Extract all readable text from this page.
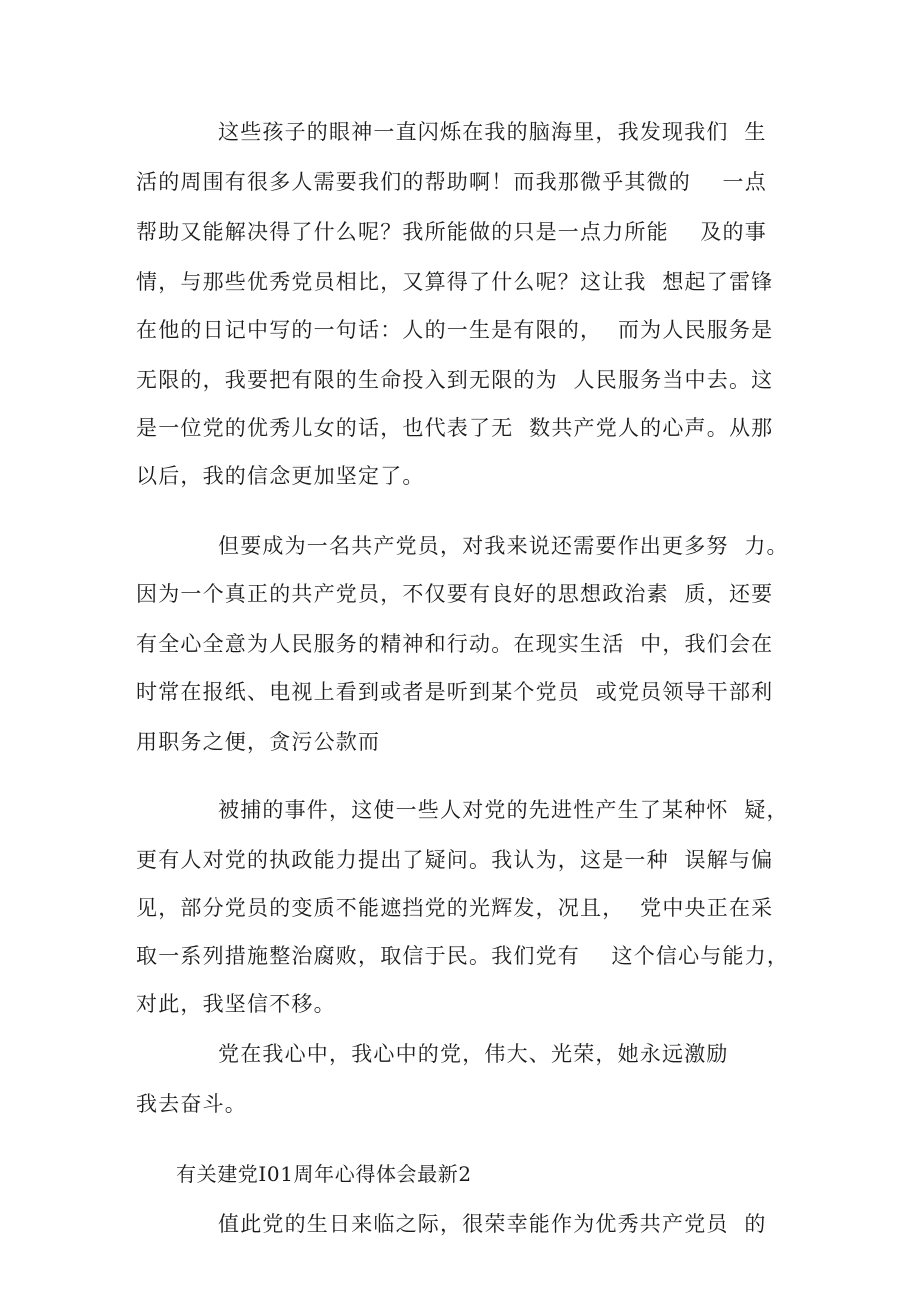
这些孩子的眼神一直闪烁在我的脑海里，我发现我们  生
活的周围有很多人需要我们的帮助啊！而我那微乎其微的    一点
帮助又能解决得了什么呢？我所能做的只是一点力所能    及的事
情，与那些优秀党员相比，又算得了什么呢？这让我  想起了雷锋
在他的日记中写的一句话：人的一生是有限的，  而为人民服务是
无限的，我要把有限的生命投入到无限的为  人民服务当中去。这
是一位党的优秀儿女的话，也代表了无  数共产党人的心声。从那
以后，我的信念更加坚定了。
但要成为一名共产党员，对我来说还需要作出更多努  力。
因为一个真正的共产党员，不仅要有良好的思想政治素  质，还要
有全心全意为人民服务的精神和行动。在现实生活  中，我们会在
时常在报纸、电视上看到或者是听到某个党员  或党员领导干部利
用职务之便，贪污公款而
被捕的事件，这使一些人对党的先进性产生了某种怀  疑，
更有人对党的执政能力提出了疑问。我认为，这是一种  误解与偏
见，部分党员的变质不能遮挡党的光辉发，况且，  党中央正在采
取一系列措施整治腐败，取信于民。我们党有    这个信心与能力，
对此，我坚信不移。
党在我心中，我心中的党，伟大、光荣，她永远激励
我去奋斗。
有关建党I01周年心得体会最新2
值此党的生日来临之际，很荣幸能作为优秀共产党员  的
